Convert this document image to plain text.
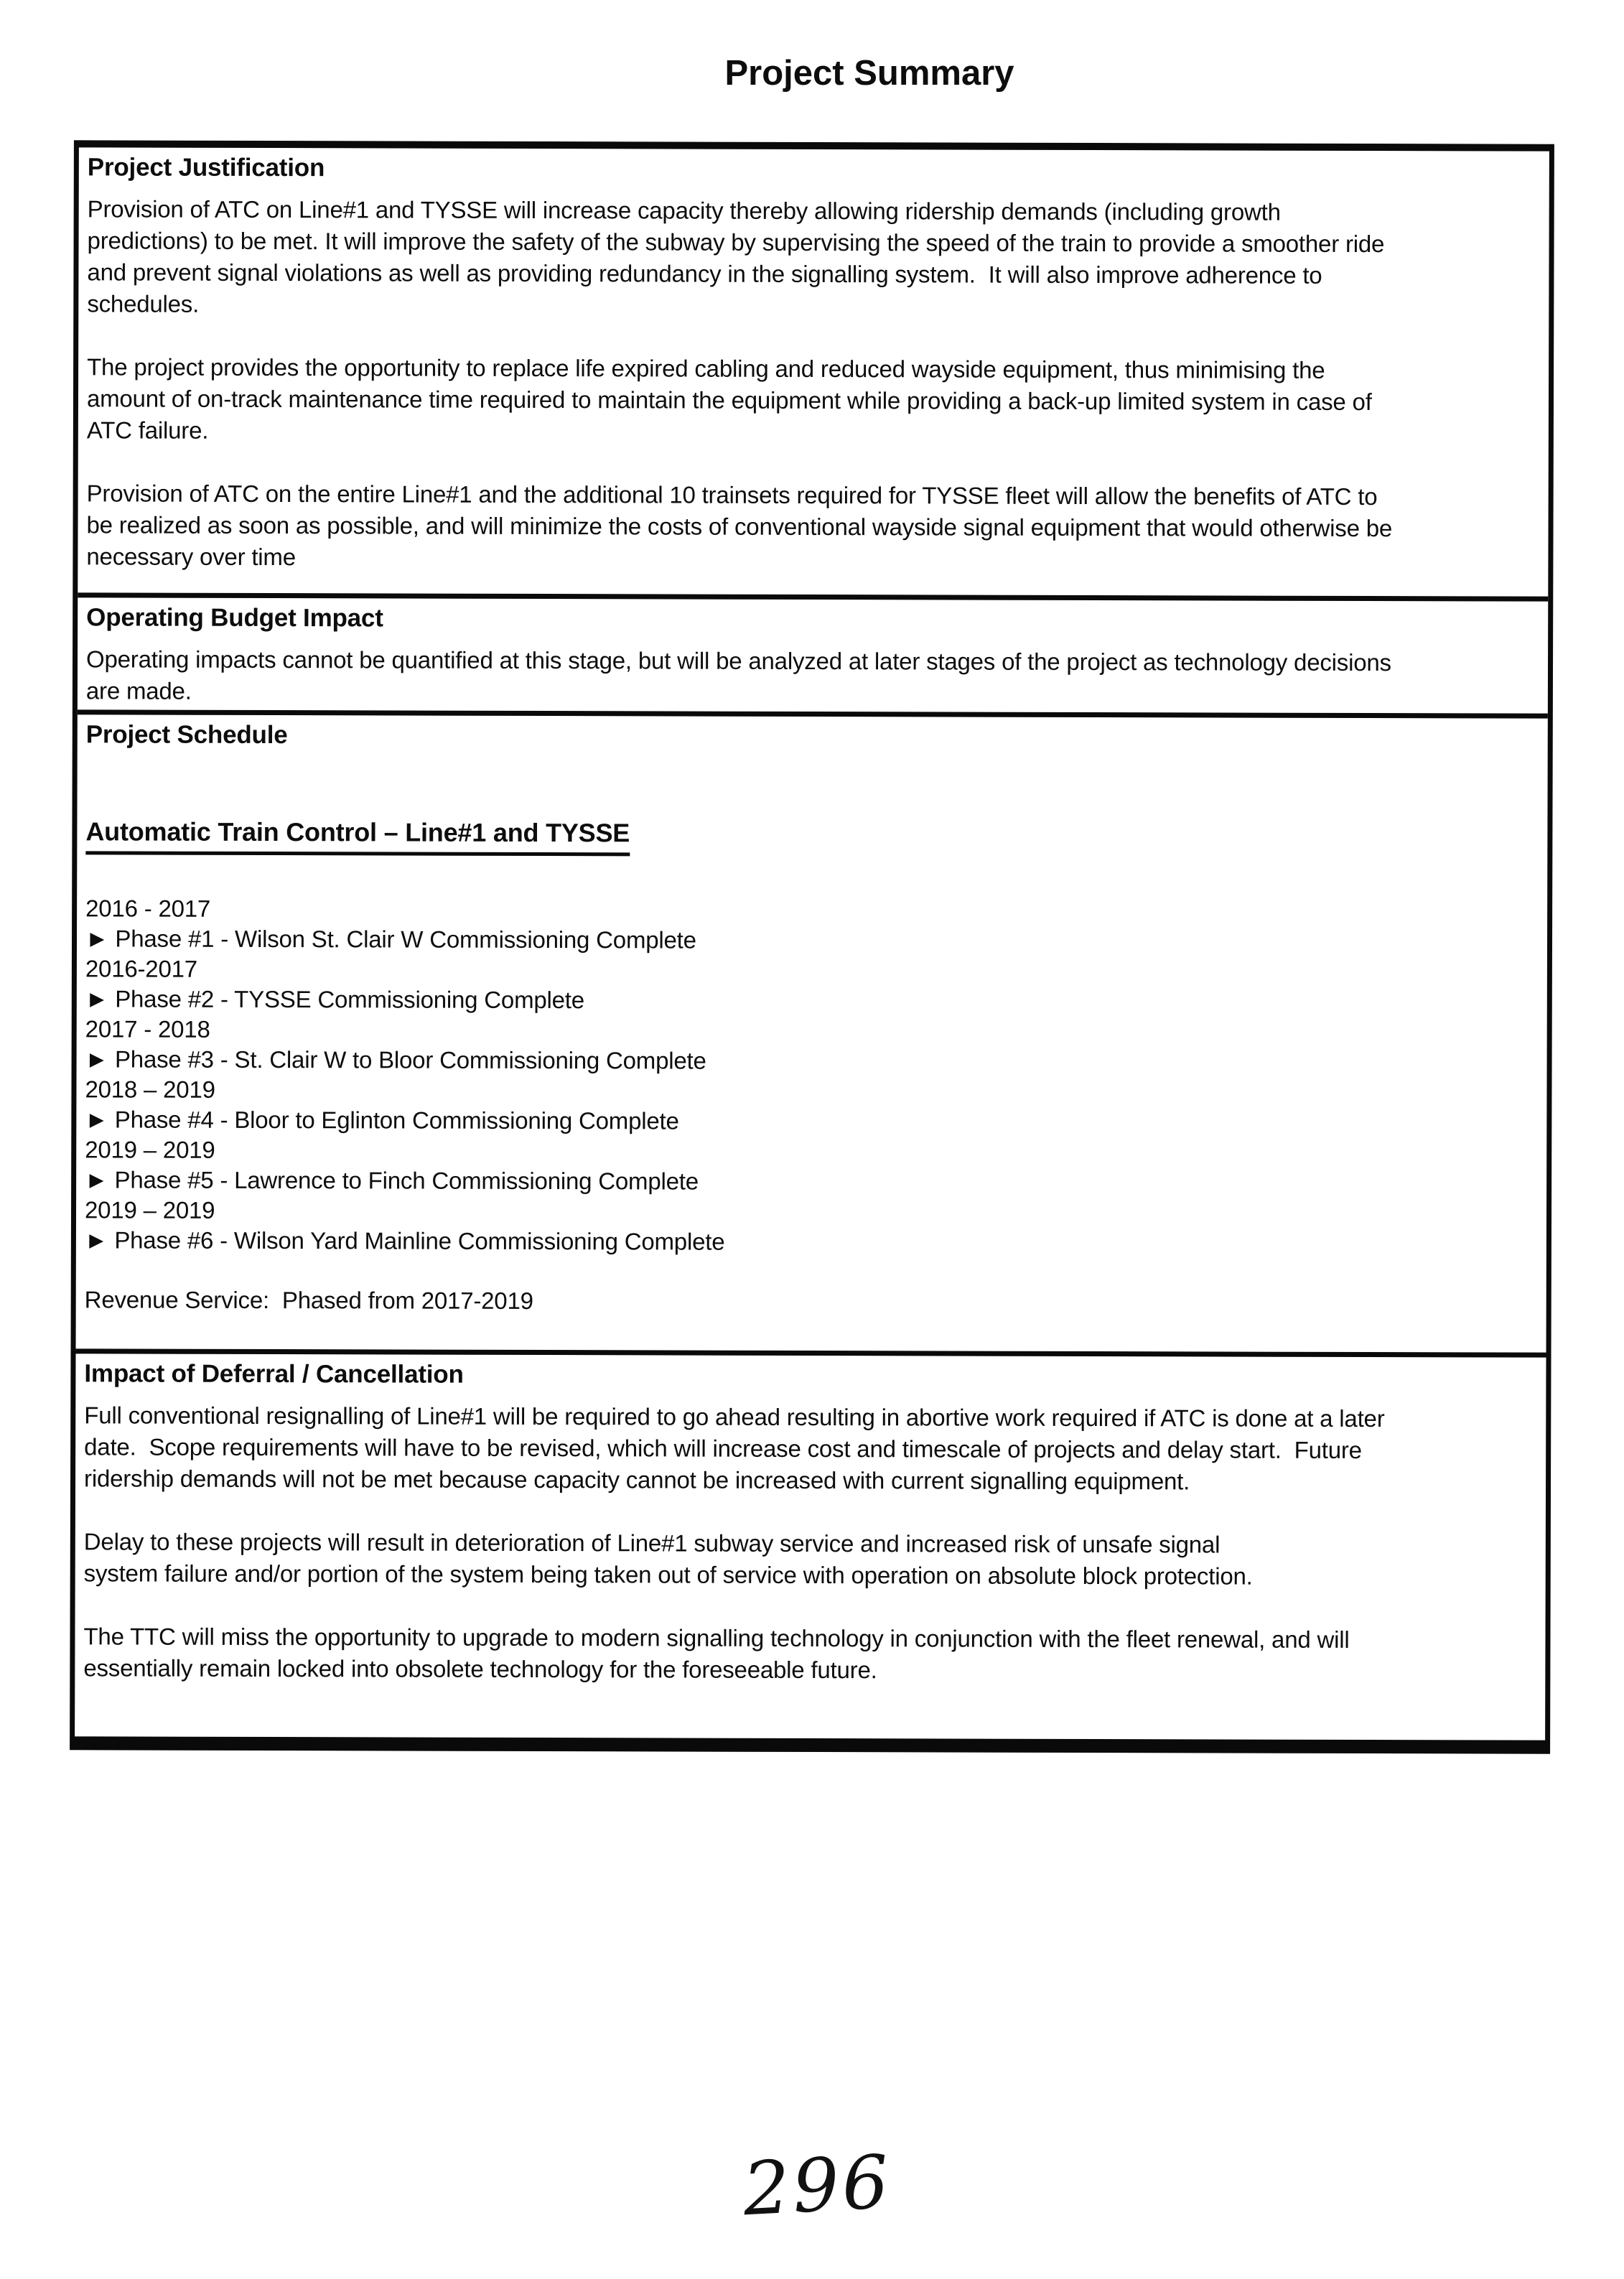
Project Summary
Project Justification

Provision of ATC on Line#1 and TYSSE will increase capacity thereby allowing ridership demands (including growth
predictions) to be met. It will improve the safety of the subway by supervising the speed of the train to provide a smoother ride
and prevent signal violations as well as providing redundancy in the signalling system.  It will also improve adherence to
schedules.

The project provides the opportunity to replace life expired cabling and reduced wayside equipment, thus minimising the
amount of on-track maintenance time required to maintain the equipment while providing a back-up limited system in case of
ATC failure.

Provision of ATC on the entire Line#1 and the additional 10 trainsets required for TYSSE fleet will allow the benefits of ATC to
be realized as soon as possible, and will minimize the costs of conventional wayside signal equipment that would otherwise be
necessary over time

Operating Budget Impact

Operating impacts cannot be quantified at this stage, but will be analyzed at later stages of the project as technology decisions
are made.

Project Schedule
Automatic Train Control – Line#1 and TYSSE
2016 - 2017
► Phase #1 - Wilson St. Clair W Commissioning Complete
2016-2017
► Phase #2 - TYSSE Commissioning Complete
2017 - 2018
► Phase #3 - St. Clair W to Bloor Commissioning Complete
2018 – 2019
► Phase #4 - Bloor to Eglinton Commissioning Complete
2019 – 2019
► Phase #5 - Lawrence to Finch Commissioning Complete
2019 – 2019
► Phase #6 - Wilson Yard Mainline Commissioning Complete
Revenue Service:  Phased from 2017-2019
Impact of Deferral / Cancellation

Full conventional resignalling of Line#1 will be required to go ahead resulting in abortive work required if ATC is done at a later
date.  Scope requirements will have to be revised, which will increase cost and timescale of projects and delay start.  Future
ridership demands will not be met because capacity cannot be increased with current signalling equipment.

Delay to these projects will result in deterioration of Line#1 subway service and increased risk of unsafe signal
system failure and/or portion of the system being taken out of service with operation on absolute block protection.

The TTC will miss the opportunity to upgrade to modern signalling technology in conjunction with the fleet renewal, and will
essentially remain locked into obsolete technology for the foreseeable future.

296
